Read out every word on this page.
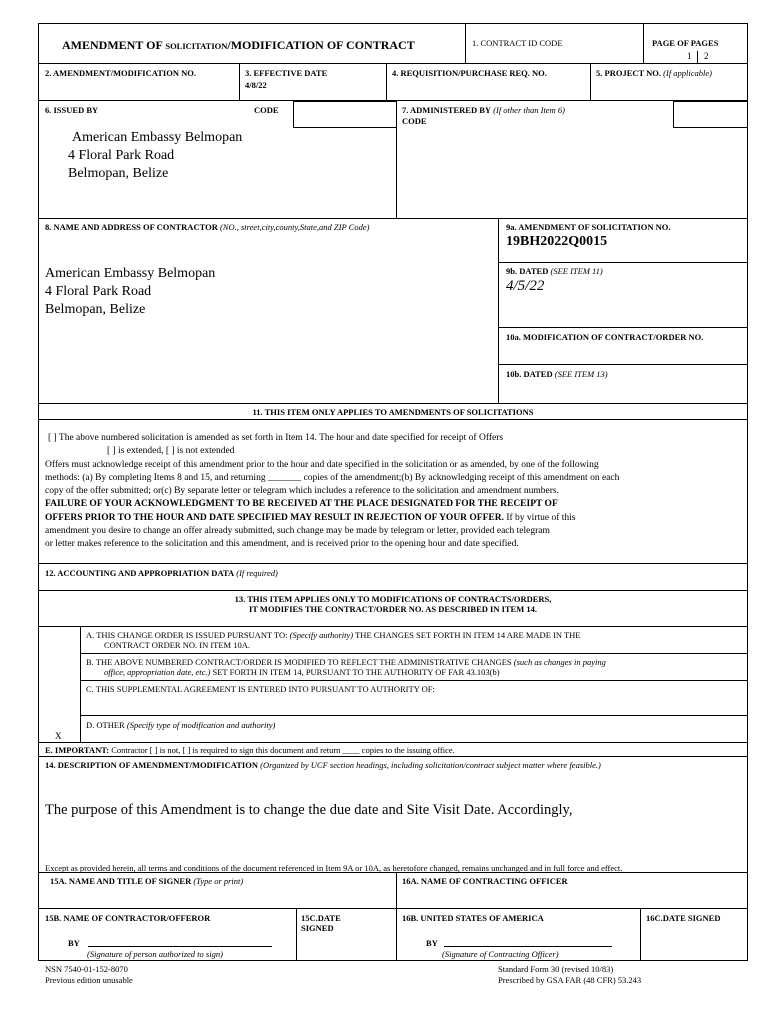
AMENDMENT OF SOLICITATION/MODIFICATION OF CONTRACT	1. CONTRACT ID CODE	PAGE OF PAGES
1 2
2. AMENDMENT/MODIFICATION NO.	3. EFFECTIVE DATE
4/8/22
4. REQUISITION/PURCHASE REQ. NO.	5. PROJECT NO. (If applicable)
6. ISSUED BY	CODE
American Embassy Belmopan
4 Floral Park Road
Belmopan, Belize
7. ADMINISTERED BY (If other than Item 6)
CODE
8. NAME AND ADDRESS OF CONTRACTOR (NO., street,city,county,State,and ZIP Code)
American Embassy Belmopan
4 Floral Park Road
Belmopan, Belize
9a. AMENDMENT OF SOLICITATION NO.
19BH2022Q0015
9b. DATED (SEE ITEM 11)
4/5/22
10a. MODIFICATION OF CONTRACT/ORDER NO.
10b. DATED (SEE ITEM 13)
11. THIS ITEM ONLY APPLIES TO AMENDMENTS OF SOLICITATIONS
[ ] The above numbered solicitation is amended as set forth in Item 14. The hour and date specified for receipt of Offers
[ ] is extended, [ ] is not extended
Offers must acknowledge receipt of this amendment prior to the hour and date specified in the solicitation or as amended, by one of the following
methods: (a) By completing Items 8 and 15, and returning _______ copies of the amendment;(b) By acknowledging receipt of this amendment on each
copy of the offer submitted; or(c) By separate letter or telegram which includes a reference to the solicitation and amendment numbers.
FAILURE OF YOUR ACKNOWLEDGMENT TO BE RECEIVED AT THE PLACE DESIGNATED FOR THE RECEIPT OF
OFFERS PRIOR TO THE HOUR AND DATE SPECIFIED MAY RESULT IN REJECTION OF YOUR OFFER. If by virtue of this
amendment you desire to change an offer already submitted, such change may be made by telegram or letter, provided each telegram
or letter makes reference to the solicitation and this amendment, and is received prior to the opening hour and date specified.
12. ACCOUNTING AND APPROPRIATION DATA (If required)
13. THIS ITEM APPLIES ONLY TO MODIFICATIONS OF CONTRACTS/ORDERS,
IT MODIFIES THE CONTRACT/ORDER NO. AS DESCRIBED IN ITEM 14.
A. THIS CHANGE ORDER IS ISSUED PURSUANT TO: (Specify authority) THE CHANGES SET FORTH IN ITEM 14 ARE MADE IN THE
CONTRACT ORDER NO. IN ITEM 10A.
B. THE ABOVE NUMBERED CONTRACT/ORDER IS MODIFIED TO REFLECT THE ADMINISTRATIVE CHANGES (such as changes in paying
office, appropriation date, etc.) SET FORTH IN ITEM 14, PURSUANT TO THE AUTHORITY OF FAR 43.103(b)
C. THIS SUPPLEMENTAL AGREEMENT IS ENTERED INTO PURSUANT TO AUTHORITY OF:
X
D. OTHER (Specify type of modification and authority)
E. IMPORTANT: Contractor [ ] is not, [ ] is required to sign this document and return ____ copies to the issuing office.
14. DESCRIPTION OF AMENDMENT/MODIFICATION (Organized by UCF section headings, including solicitation/contract subject matter where feasible.)
The purpose of this Amendment is to change the due date and Site Visit Date. Accordingly,
Except as provided herein, all terms and conditions of the document referenced in Item 9A or 10A, as heretofore changed, remains unchanged and in full force and effect.
15A. NAME AND TITLE OF SIGNER (Type or print)	16A. NAME OF CONTRACTING OFFICER
15B. NAME OF CONTRACTOR/OFFEROR
BY
(Signature of person authorized to sign)
15C.DATE
SIGNED
16B. UNITED STATES OF AMERICA
BY
(Signature of Contracting Officer)
16C.DATE SIGNED
NSN 7540-01-152-8070
Previous edition unusable
Standard Form 30 (revised 10/83)
Prescribed by GSA FAR (48 CFR) 53.243
